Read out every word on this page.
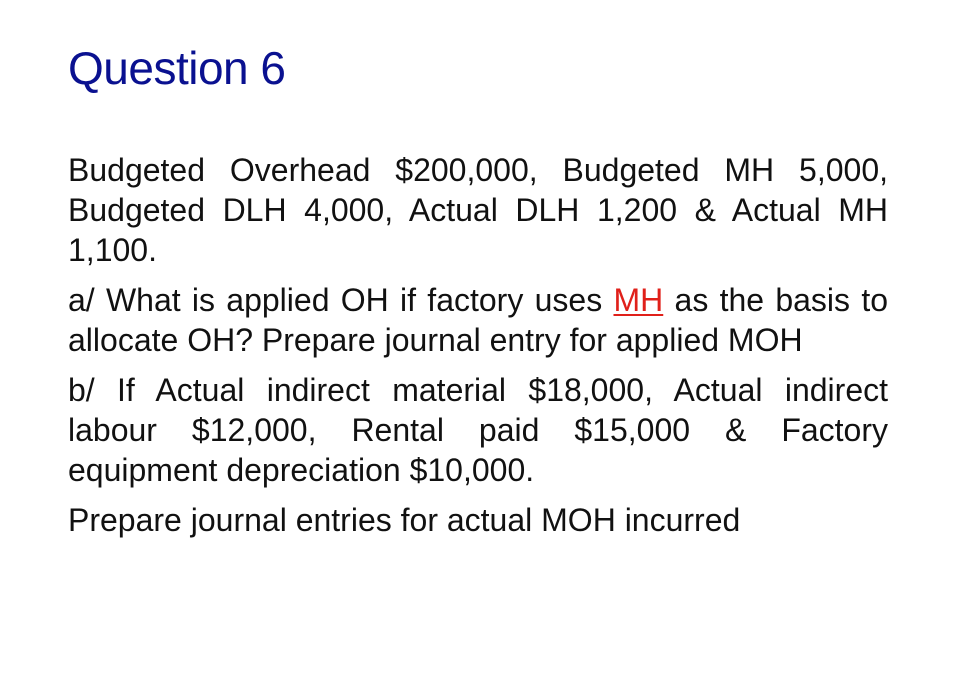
Question 6

Budgeted Overhead $200,000, Budgeted MH 5,000, Budgeted DLH 4,000, Actual DLH 1,200 & Actual MH 1,100.

a/ What is applied OH if factory uses MH as the basis to allocate OH? Prepare journal entry for applied MOH

b/ If Actual indirect material $18,000, Actual indirect labour $12,000, Rental paid $15,000 & Factory equipment depreciation $10,000.

Prepare journal entries for actual MOH incurred
